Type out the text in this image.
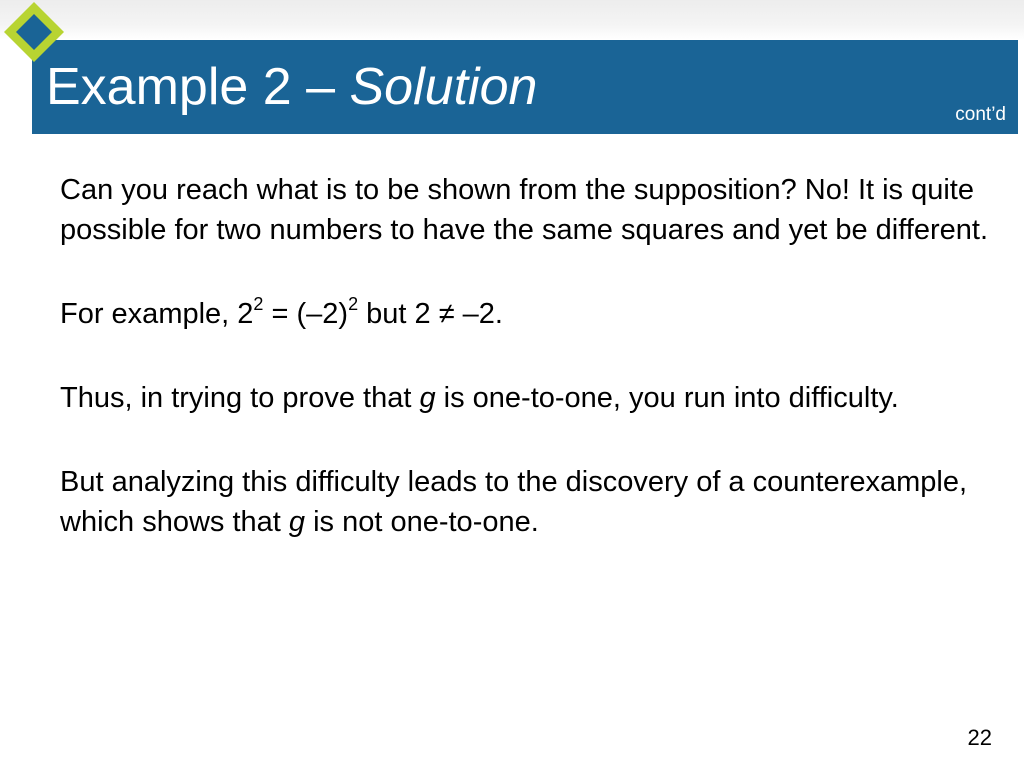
Example 2 – Solution	cont’d

Can you reach what is to be shown from the supposition? No! It is quite possible for two numbers to have the same squares and yet be different.

For example, $2^2 = (-2)^2$ but 2 ≠ –2.

Thus, in trying to prove that g is one-to-one, you run into difficulty.

But analyzing this difficulty leads to the discovery of a counterexample, which shows that g is not one-to-one.

22
